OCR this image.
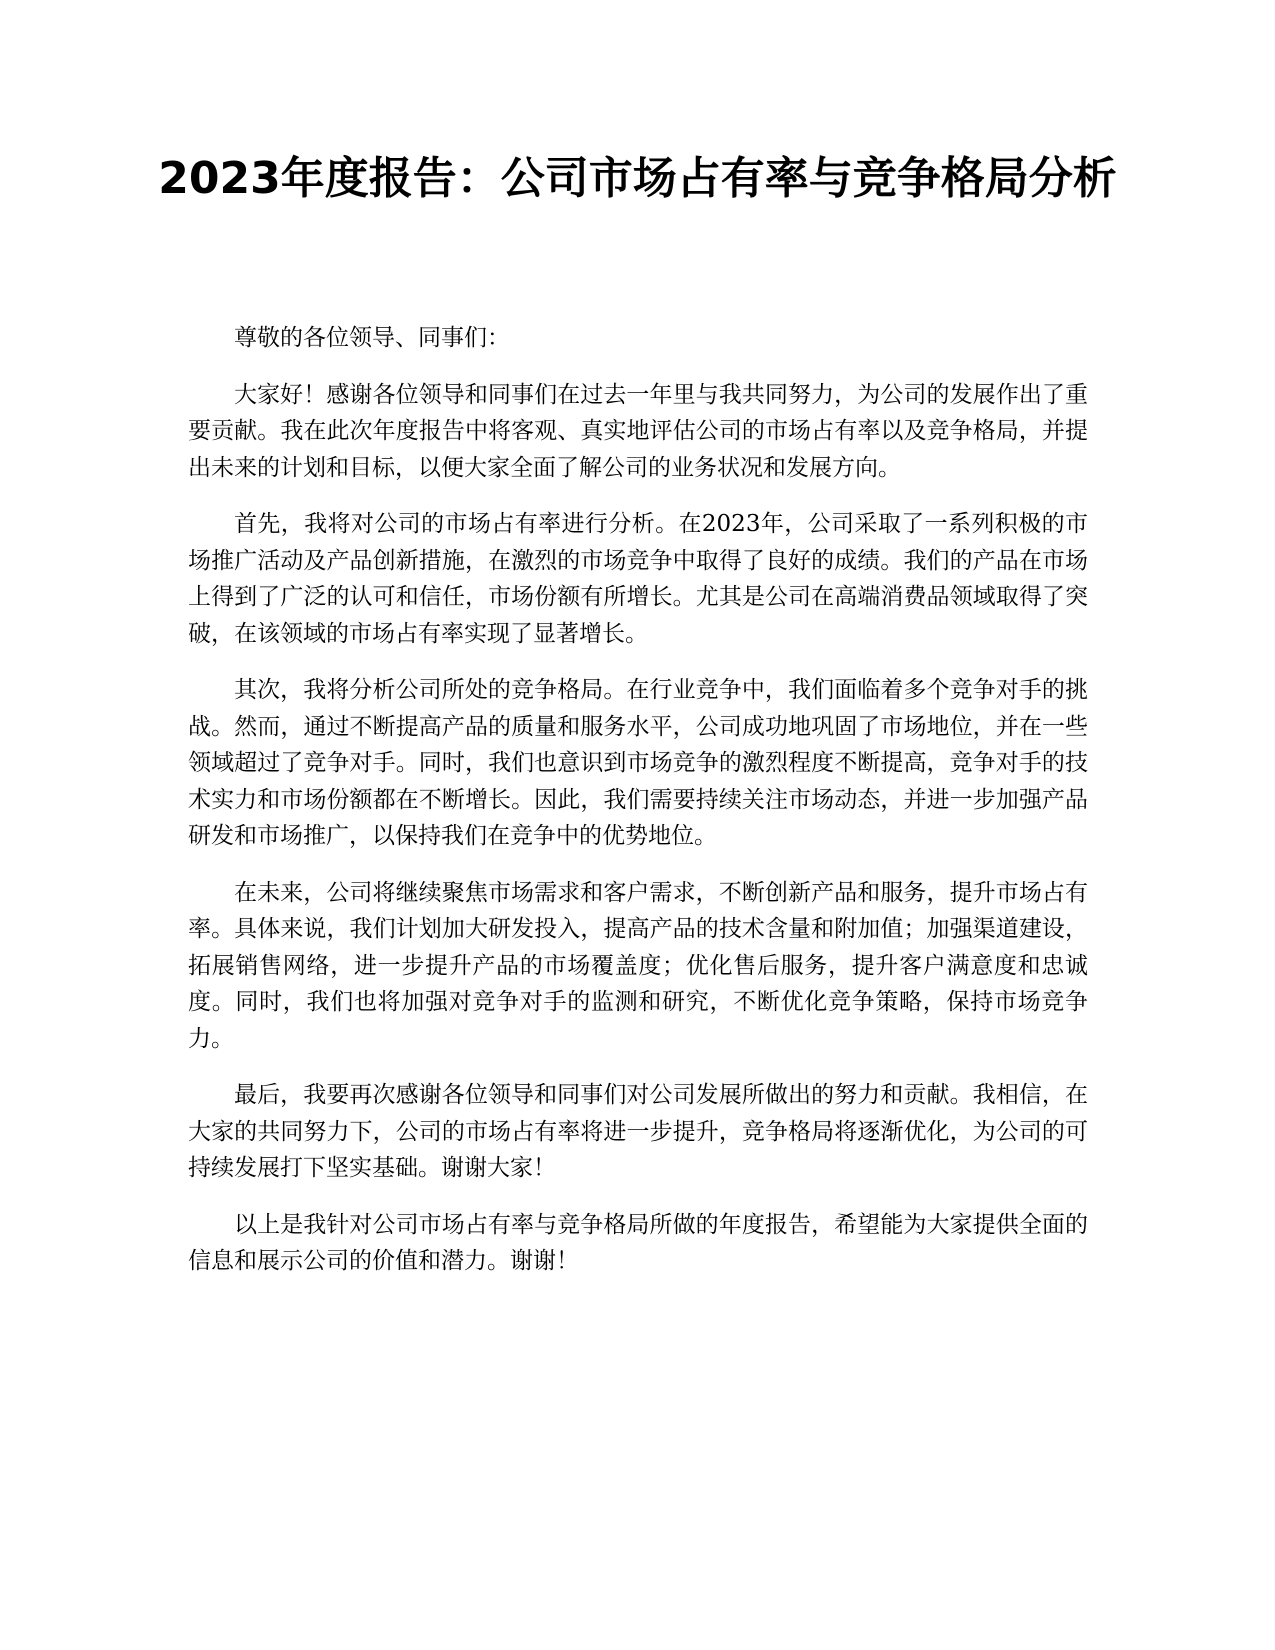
2023年度报告：公司市场占有率与竞争格局分析

尊敬的各位领导、同事们：

大家好！感谢各位领导和同事们在过去一年里与我共同努力，为公司的发展作出了重要贡献。我在此次年度报告中将客观、真实地评估公司的市场占有率以及竞争格局，并提出未来的计划和目标，以便大家全面了解公司的业务状况和发展方向。

首先，我将对公司的市场占有率进行分析。在2023年，公司采取了一系列积极的市场推广活动及产品创新措施，在激烈的市场竞争中取得了良好的成绩。我们的产品在市场上得到了广泛的认可和信任，市场份额有所增长。尤其是公司在高端消费品领域取得了突破，在该领域的市场占有率实现了显著增长。

其次，我将分析公司所处的竞争格局。在行业竞争中，我们面临着多个竞争对手的挑战。然而，通过不断提高产品的质量和服务水平，公司成功地巩固了市场地位，并在一些领域超过了竞争对手。同时，我们也意识到市场竞争的激烈程度不断提高，竞争对手的技术实力和市场份额都在不断增长。因此，我们需要持续关注市场动态，并进一步加强产品研发和市场推广，以保持我们在竞争中的优势地位。

在未来，公司将继续聚焦市场需求和客户需求，不断创新产品和服务，提升市场占有率。具体来说，我们计划加大研发投入，提高产品的技术含量和附加值；加强渠道建设，拓展销售网络，进一步提升产品的市场覆盖度；优化售后服务，提升客户满意度和忠诚度。同时，我们也将加强对竞争对手的监测和研究，不断优化竞争策略，保持市场竞争力。

最后，我要再次感谢各位领导和同事们对公司发展所做出的努力和贡献。我相信，在大家的共同努力下，公司的市场占有率将进一步提升，竞争格局将逐渐优化，为公司的可持续发展打下坚实基础。谢谢大家！

以上是我针对公司市场占有率与竞争格局所做的年度报告，希望能为大家提供全面的信息和展示公司的价值和潜力。谢谢！
